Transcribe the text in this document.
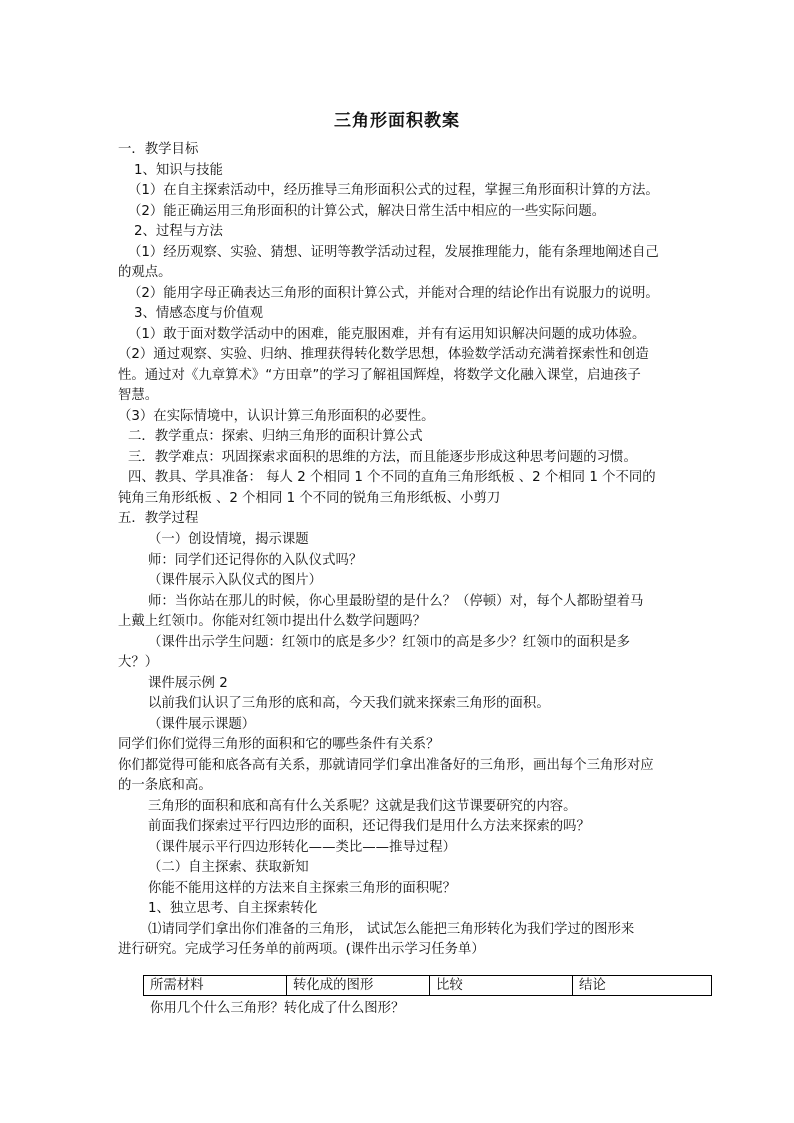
三角形面积教案
一．教学目标
1、知识与技能
（1）在自主探索活动中，经历推导三角形面积公式的过程，掌握三角形面积计算的方法。
（2）能正确运用三角形面积的计算公式，解决日常生活中相应的一些实际问题。
2、过程与方法
（1）经历观察、实验、猜想、证明等教学活动过程，发展推理能力，能有条理地阐述自己
的观点。
（2）能用字母正确表达三角形的面积计算公式，并能对合理的结论作出有说服力的说明。
3、情感态度与价值观
（1）敢于面对数学活动中的困难，能克服困难，并有有运用知识解决问题的成功体验。
（2）通过观察、实验、归纳、推理获得转化数学思想，体验数学活动充满着探索性和创造
性。通过对《九章算术》“方田章”的学习了解祖国辉煌，将数学文化融入课堂，启迪孩子
智慧。
（3）在实际情境中，认识计算三角形面积的必要性。
二．教学重点：探索、归纳三角形的面积计算公式
三．教学难点：巩固探索求面积的思维的方法，而且能逐步形成这种思考问题的习惯。
四、教具、学具准备： 每人 2 个相同 1 个不同的直角三角形纸板 、2 个相同 1 个不同的
钝角三角形纸板 、2 个相同 1 个不同的锐角三角形纸板、小剪刀
五．教学过程
（一）创设情境，揭示课题
师：同学们还记得你的入队仪式吗？
（课件展示入队仪式的图片）
师：当你站在那儿的时候，你心里最盼望的是什么？（停顿）对，每个人都盼望着马
上戴上红领巾。你能对红领巾提出什么数学问题吗？
（课件出示学生问题：红领巾的底是多少？红领巾的高是多少？红领巾的面积是多
大？）
课件展示例 2
以前我们认识了三角形的底和高，今天我们就来探索三角形的面积。
（课件展示课题）
同学们你们觉得三角形的面积和它的哪些条件有关系？
你们都觉得可能和底各高有关系，那就请同学们拿出准备好的三角形，画出每个三角形对应
的一条底和高。
三角形的面积和底和高有什么关系呢？这就是我们这节课要研究的内容。
前面我们探索过平行四边形的面积，还记得我们是用什么方法来探索的吗？
（课件展示平行四边形转化——类比——推导过程）
（二）自主探索、获取新知
你能不能用这样的方法来自主探索三角形的面积呢？
1、独立思考、自主探索转化
⑴请同学们拿出你们准备的三角形， 试试怎么能把三角形转化为我们学过的图形来
进行研究。完成学习任务单的前两项。(课件出示学习任务单）
所需材料	转化成的图形	比较	结论
你用几个什么三角形？转化成了什么图形？
